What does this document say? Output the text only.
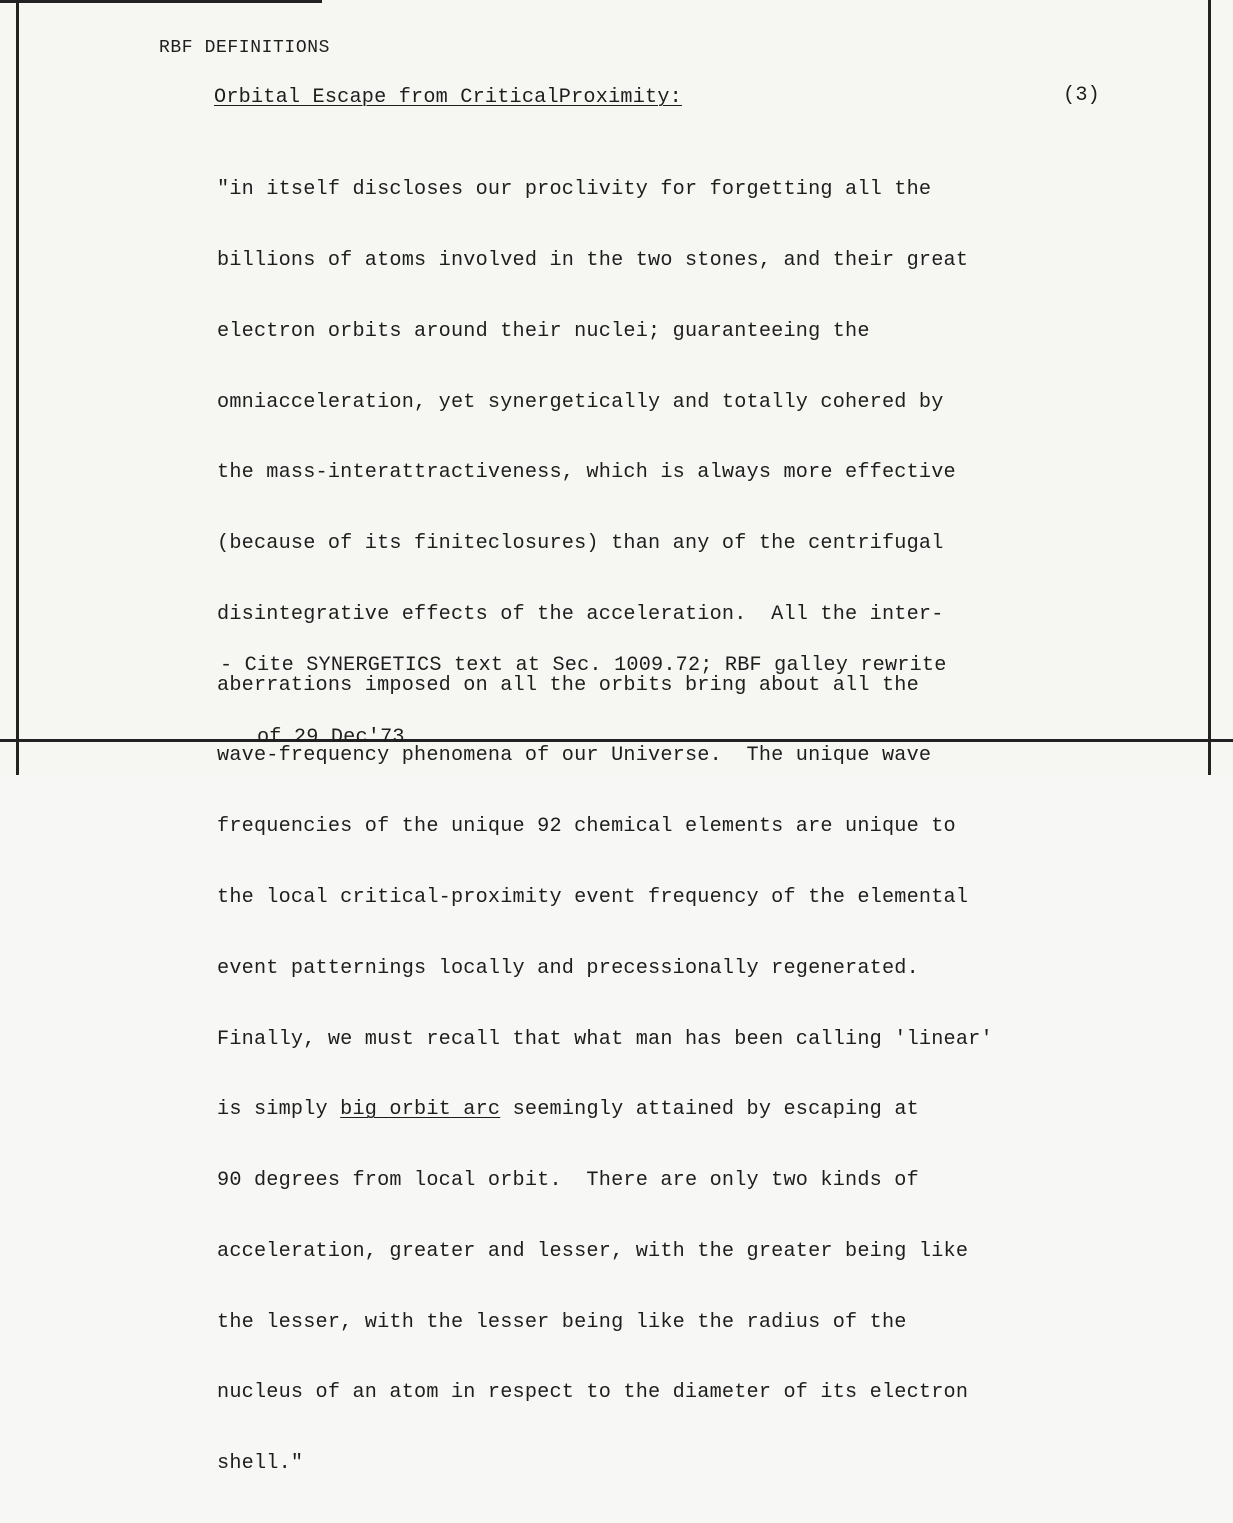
RBF DEFINITIONS
Orbital Escape from CriticalProximity:	(3)

"in itself discloses our proclivity for forgetting all the

billions of atoms involved in the two stones, and their great

electron orbits around their nuclei; guaranteeing the

omniacceleration, yet synergetically and totally cohered by

the mass-interattractiveness, which is always more effective

(because of its finiteclosures) than any of the centrifugal

disintegrative effects of the acceleration.  All the inter-

aberrations imposed on all the orbits bring about all the

wave-frequency phenomena of our Universe.  The unique wave

frequencies of the unique 92 chemical elements are unique to

the local critical-proximity event frequency of the elemental

event patternings locally and precessionally regenerated.

Finally, we must recall that what man has been calling 'linear'

is simply big orbit arc seemingly attained by escaping at

90 degrees from local orbit.  There are only two kinds of

acceleration, greater and lesser, with the greater being like

the lesser, with the lesser being like the radius of the

nucleus of an atom in respect to the diameter of its electron

shell."

- Cite SYNERGETICS text at Sec. 1009.72; RBF galley rewrite

of 29 Dec'73
